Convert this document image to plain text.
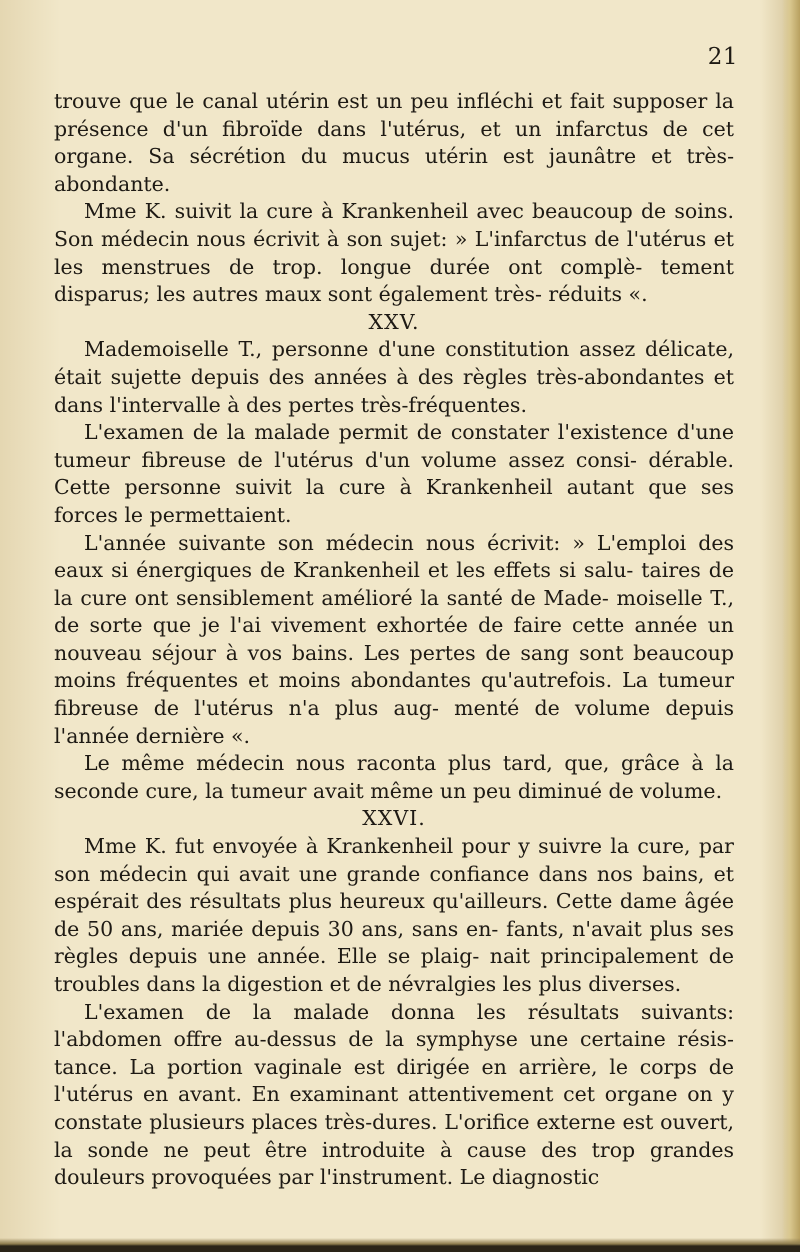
21

trouve que le canal utérin est un peu infléchi et fait supposer la présence d'un fibroïde dans l'utérus, et un infarctus de cet organe. Sa sécrétion du mucus utérin est jaunâtre et très-abondante.

Mme K. suivit la cure à Krankenheil avec beaucoup de soins. Son médecin nous écrivit à son sujet: » L'infarctus de l'utérus et les menstrues de trop. longue durée ont complè- tement disparus; les autres maux sont également très- réduits «.

XXV.

Mademoiselle T., personne d'une constitution assez délicate, était sujette depuis des années à des règles très-abondantes et dans l'intervalle à des pertes très-fréquentes.

L'examen de la malade permit de constater l'existence d'une tumeur fibreuse de l'utérus d'un volume assez consi- dérable. Cette personne suivit la cure à Krankenheil autant que ses forces le permettaient.

L'année suivante son médecin nous écrivit: » L'emploi des eaux si énergiques de Krankenheil et les effets si salu- taires de la cure ont sensiblement amélioré la santé de Made- moiselle T., de sorte que je l'ai vivement exhortée de faire cette année un nouveau séjour à vos bains. Les pertes de sang sont beaucoup moins fréquentes et moins abondantes qu'autrefois. La tumeur fibreuse de l'utérus n'a plus aug- menté de volume depuis l'année dernière «.

Le même médecin nous raconta plus tard, que, grâce à la seconde cure, la tumeur avait même un peu diminué de volume.

XXVI.

Mme K. fut envoyée à Krankenheil pour y suivre la cure, par son médecin qui avait une grande confiance dans nos bains, et espérait des résultats plus heureux qu'ailleurs. Cette dame âgée de 50 ans, mariée depuis 30 ans, sans en- fants, n'avait plus ses règles depuis une année. Elle se plaig- nait principalement de troubles dans la digestion et de névralgies les plus diverses.

L'examen de la malade donna les résultats suivants: l'abdomen offre au-dessus de la symphyse une certaine résis- tance. La portion vaginale est dirigée en arrière, le corps de l'utérus en avant. En examinant attentivement cet organe on y constate plusieurs places très-dures. L'orifice externe est ouvert, la sonde ne peut être introduite à cause des trop grandes douleurs provoquées par l'instrument. Le diagnostic
